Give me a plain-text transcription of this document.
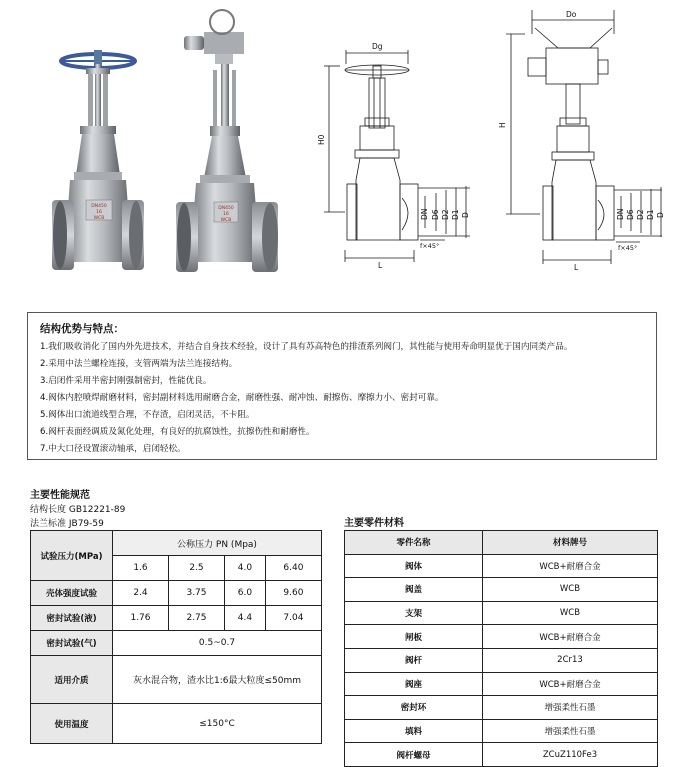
DN450
16
WCB
DN450
16
WCB
Dg
H0
L
DN D6 D2 D1 D
f×45°
Do
H
L
DN D6 D2 D1 D
f×45°
结构优势与特点：
1.我们吸收消化了国内外先进技术，并结合自身技术经验，设计了具有苏高特色的排渣系列阀门，其性能与使用寿命明显优于国内同类产品。
2.采用中法兰螺栓连接，支管两端为法兰连接结构。
3.启闭件采用半密封刚强制密封，性能优良。
4.阀体内腔喷焊耐磨材料，密封副材料选用耐磨合金，耐磨性强、耐冲蚀、耐擦伤、摩擦力小、密封可靠。
5.阀体出口流道线型合理，不存渣，启闭灵活，不卡阻。
6.阀杆表面经调质及氮化处理，有良好的抗腐蚀性，抗擦伤性和耐磨性。
7.中大口径设置滚动轴承，启闭轻松。
主要性能规范
结构长度 GB12221-89
法兰标准 JB79-59
试验压力(MPa)	公称压力 PN (Mpa)			
	1.6	2.5	4.0	6.40
壳体强度试验	2.4	3.75	6.0	9.60
密封试验(液)	1.76	2.75	4.4	7.04
密封试验(气)	0.5~0.7			
适用介质	灰水混合物，渣水比1:6最大粒度≤50mm			
使用温度	≤150°C			
主要零件材料
零件名称	材料牌号
阀体	WCB+耐磨合金
阀盖	WCB
支架	WCB
闸板	WCB+耐磨合金
阀杆	2Cr13
阀座	WCB+耐磨合金
密封环	增强柔性石墨
填料	增强柔性石墨
阀杆螺母	ZCuZ110Fe3
